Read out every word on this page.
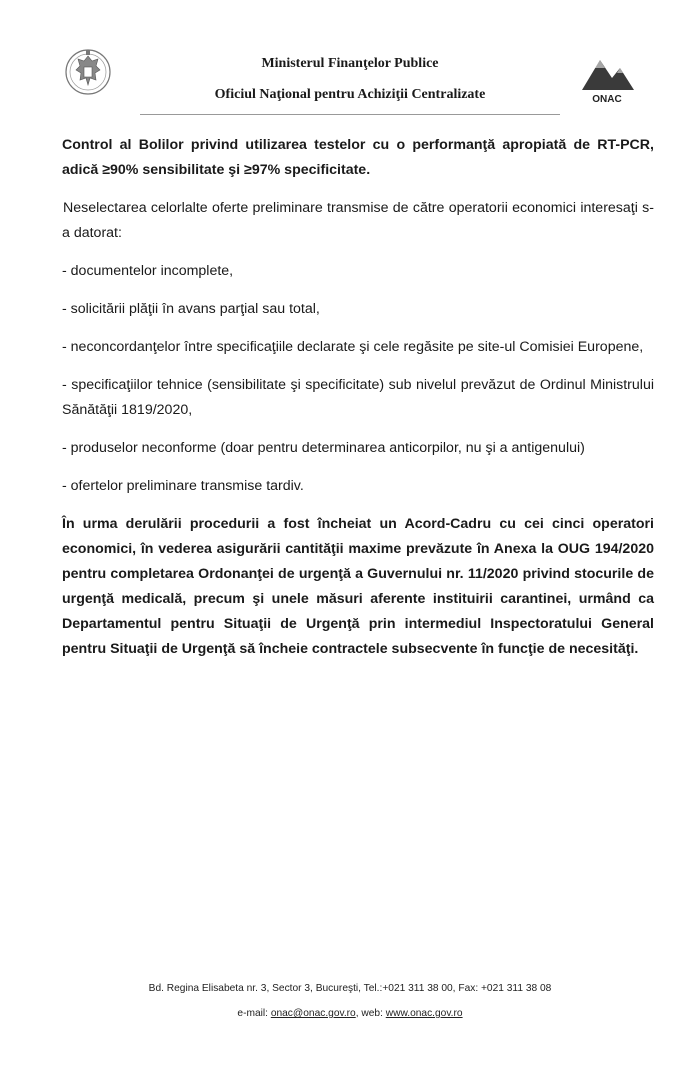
Ministerul Finanţelor Publice
Oficiul Naţional pentru Achiziţii Centralizate	ONAC

Control al Bolilor privind utilizarea testelor cu o performanţă apropiată de RT-PCR, adică ≥90% sensibilitate şi ≥97% specificitate.

Neselectarea celorlalte oferte preliminare transmise de către operatorii economici interesaţi s-a datorat:

- documentelor incomplete,

- solicitării plăţii în avans parţial sau total,

- neconcordanţelor între specificaţiile declarate şi cele regăsite pe site-ul Comisiei Europene,

- specificaţiilor tehnice (sensibilitate şi specificitate) sub nivelul prevăzut de Ordinul Ministrului Sănătăţii 1819/2020,

- produselor neconforme (doar pentru determinarea anticorpilor, nu şi a antigenului)

- ofertelor preliminare transmise tardiv.

În urma derulării procedurii a fost încheiat un Acord-Cadru cu cei cinci operatori economici, în vederea asigurării cantităţii maxime prevăzute în Anexa la OUG 194/2020 pentru completarea Ordonanţei de urgenţă a Guvernului nr. 11/2020 privind stocurile de urgenţă medicală, precum şi unele măsuri aferente instituirii carantinei, urmând ca Departamentul pentru Situaţii de Urgenţă prin intermediul Inspectoratului General pentru Situaţii de Urgenţă să încheie contractele subsecvente în funcţie de necesităţi.

Bd. Regina Elisabeta nr. 3, Sector 3, Bucureşti, Tel.:+021 311 38 00, Fax: +021 311 38 08
e-mail: onac@onac.gov.ro, web: www.onac.gov.ro
